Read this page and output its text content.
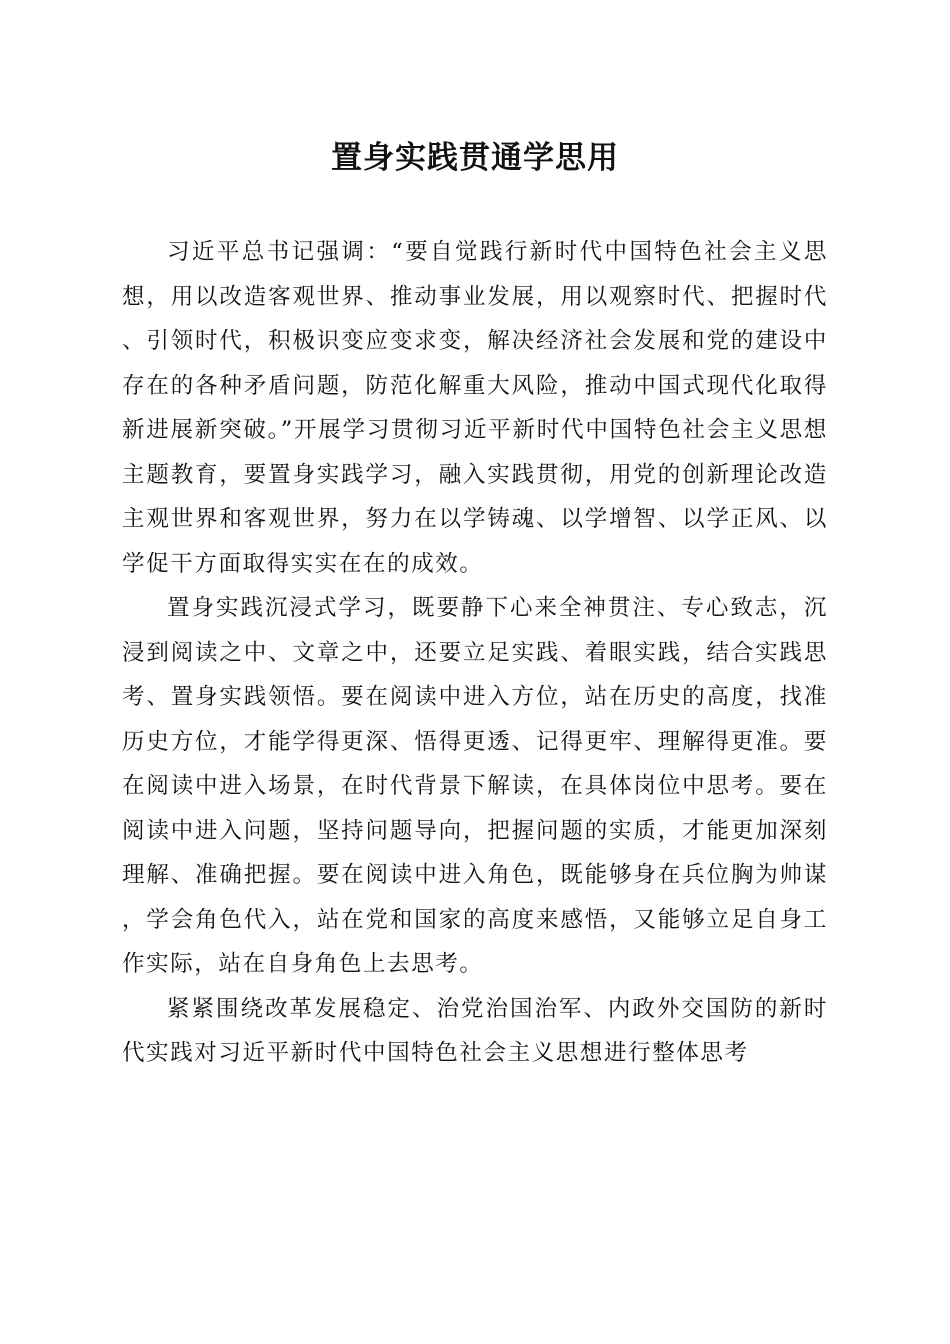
置身实践贯通学思用

习近平总书记强调：“要自觉践行新时代中国特色社会主义思想，用以改造客观世界、推动事业发展，用以观察时代、把握时代、引领时代，积极识变应变求变，解决经济社会发展和党的建设中存在的各种矛盾问题，防范化解重大风险，推动中国式现代化取得新进展新突破。”开展学习贯彻习近平新时代中国特色社会主义思想主题教育，要置身实践学习，融入实践贯彻，用党的创新理论改造主观世界和客观世界，努力在以学铸魂、以学增智、以学正风、以学促干方面取得实实在在的成效。

置身实践沉浸式学习，既要静下心来全神贯注、专心致志，沉浸到阅读之中、文章之中，还要立足实践、着眼实践，结合实践思考、置身实践领悟。要在阅读中进入方位，站在历史的高度，找准历史方位，才能学得更深、悟得更透、记得更牢、理解得更准。要在阅读中进入场景，在时代背景下解读，在具体岗位中思考。要在阅读中进入问题，坚持问题导向，把握问题的实质，才能更加深刻理解、准确把握。要在阅读中进入角色，既能够身在兵位胸为帅谋，学会角色代入，站在党和国家的高度来感悟，又能够立足自身工作实际，站在自身角色上去思考。

紧紧围绕改革发展稳定、治党治国治军、内政外交国防的新时代实践对习近平新时代中国特色社会主义思想进行整体思考
